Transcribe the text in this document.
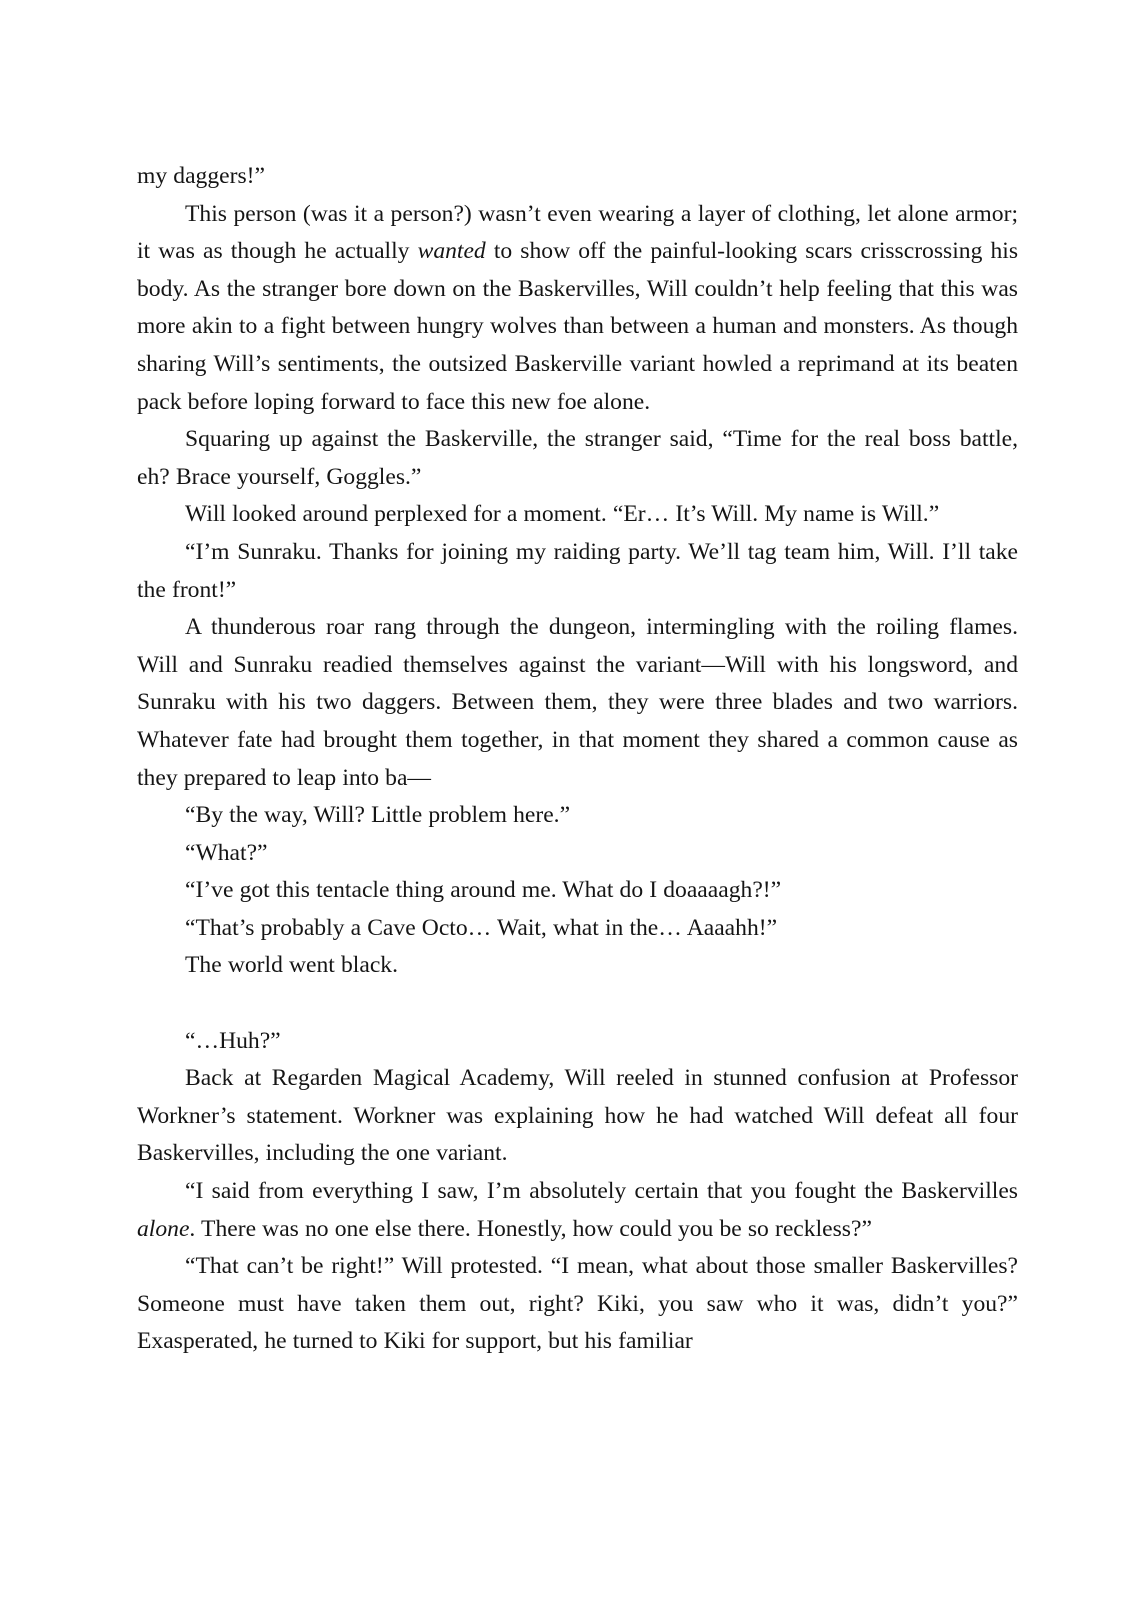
my daggers!”

This person (was it a person?) wasn’t even wearing a layer of clothing, let alone armor; it was as though he actually wanted to show off the painful-looking scars crisscrossing his body. As the stranger bore down on the Baskervilles, Will couldn’t help feeling that this was more akin to a fight between hungry wolves than between a human and monsters. As though sharing Will’s sentiments, the outsized Baskerville variant howled a reprimand at its beaten pack before loping forward to face this new foe alone.

Squaring up against the Baskerville, the stranger said, “Time for the real boss battle, eh? Brace yourself, Goggles.”

Will looked around perplexed for a moment. “Er… It’s Will. My name is Will.”

“I’m Sunraku. Thanks for joining my raiding party. We’ll tag team him, Will. I’ll take the front!”

A thunderous roar rang through the dungeon, intermingling with the roiling flames. Will and Sunraku readied themselves against the variant—Will with his longsword, and Sunraku with his two daggers. Between them, they were three blades and two warriors. Whatever fate had brought them together, in that moment they shared a common cause as they prepared to leap into ba—

“By the way, Will? Little problem here.”

“What?”

“I’ve got this tentacle thing around me. What do I doaaaagh?!”

“That’s probably a Cave Octo… Wait, what in the… Aaaahh!”

The world went black.

“…Huh?”

Back at Regarden Magical Academy, Will reeled in stunned confusion at Professor Workner’s statement. Workner was explaining how he had watched Will defeat all four Baskervilles, including the one variant.

“I said from everything I saw, I’m absolutely certain that you fought the Baskervilles alone. There was no one else there. Honestly, how could you be so reckless?”

“That can’t be right!” Will protested. “I mean, what about those smaller Baskervilles? Someone must have taken them out, right? Kiki, you saw who it was, didn’t you?” Exasperated, he turned to Kiki for support, but his familiar
